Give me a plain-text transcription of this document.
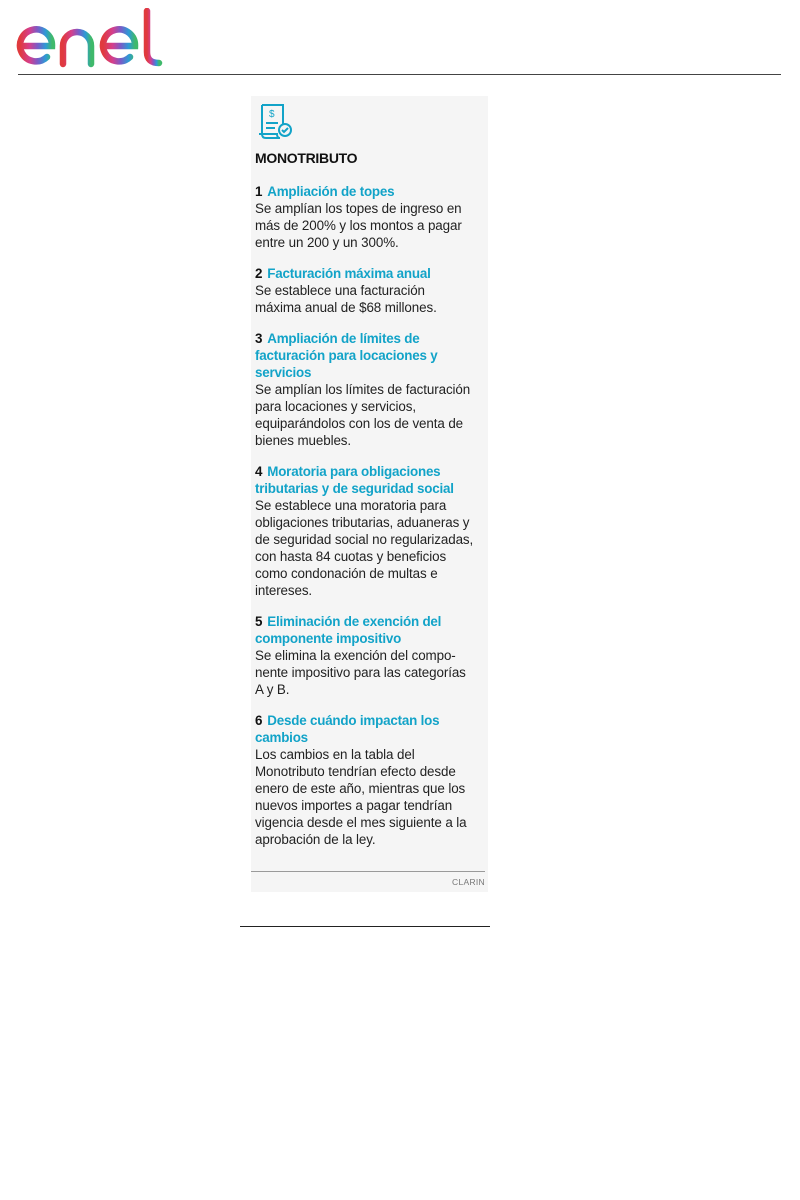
$
MONOTRIBUTO
1 Ampliación de topes
Se amplían los topes de ingreso en
más de 200% y los montos a pagar
entre un 200 y un 300%.
2 Facturación máxima anual
Se establece una facturación
máxima anual de $68 millones.
3 Ampliación de límites de
facturación para locaciones y
servicios
Se amplían los límites de facturación
para locaciones y servicios,
equiparándolos con los de venta de
bienes muebles.
4 Moratoria para obligaciones
tributarias y de seguridad social
Se establece una moratoria para
obligaciones tributarias, aduaneras y
de seguridad social no regularizadas,
con hasta 84 cuotas y beneficios
como condonación de multas e
intereses.
5 Eliminación de exención del
componente impositivo
Se elimina la exención del compo-
nente impositivo para las categorías
A y B.
6 Desde cuándo impactan los
cambios
Los cambios en la tabla del
Monotributo tendrían efecto desde
enero de este año, mientras que los
nuevos importes a pagar tendrían
vigencia desde el mes siguiente a la
aprobación de la ley.
CLARIN
